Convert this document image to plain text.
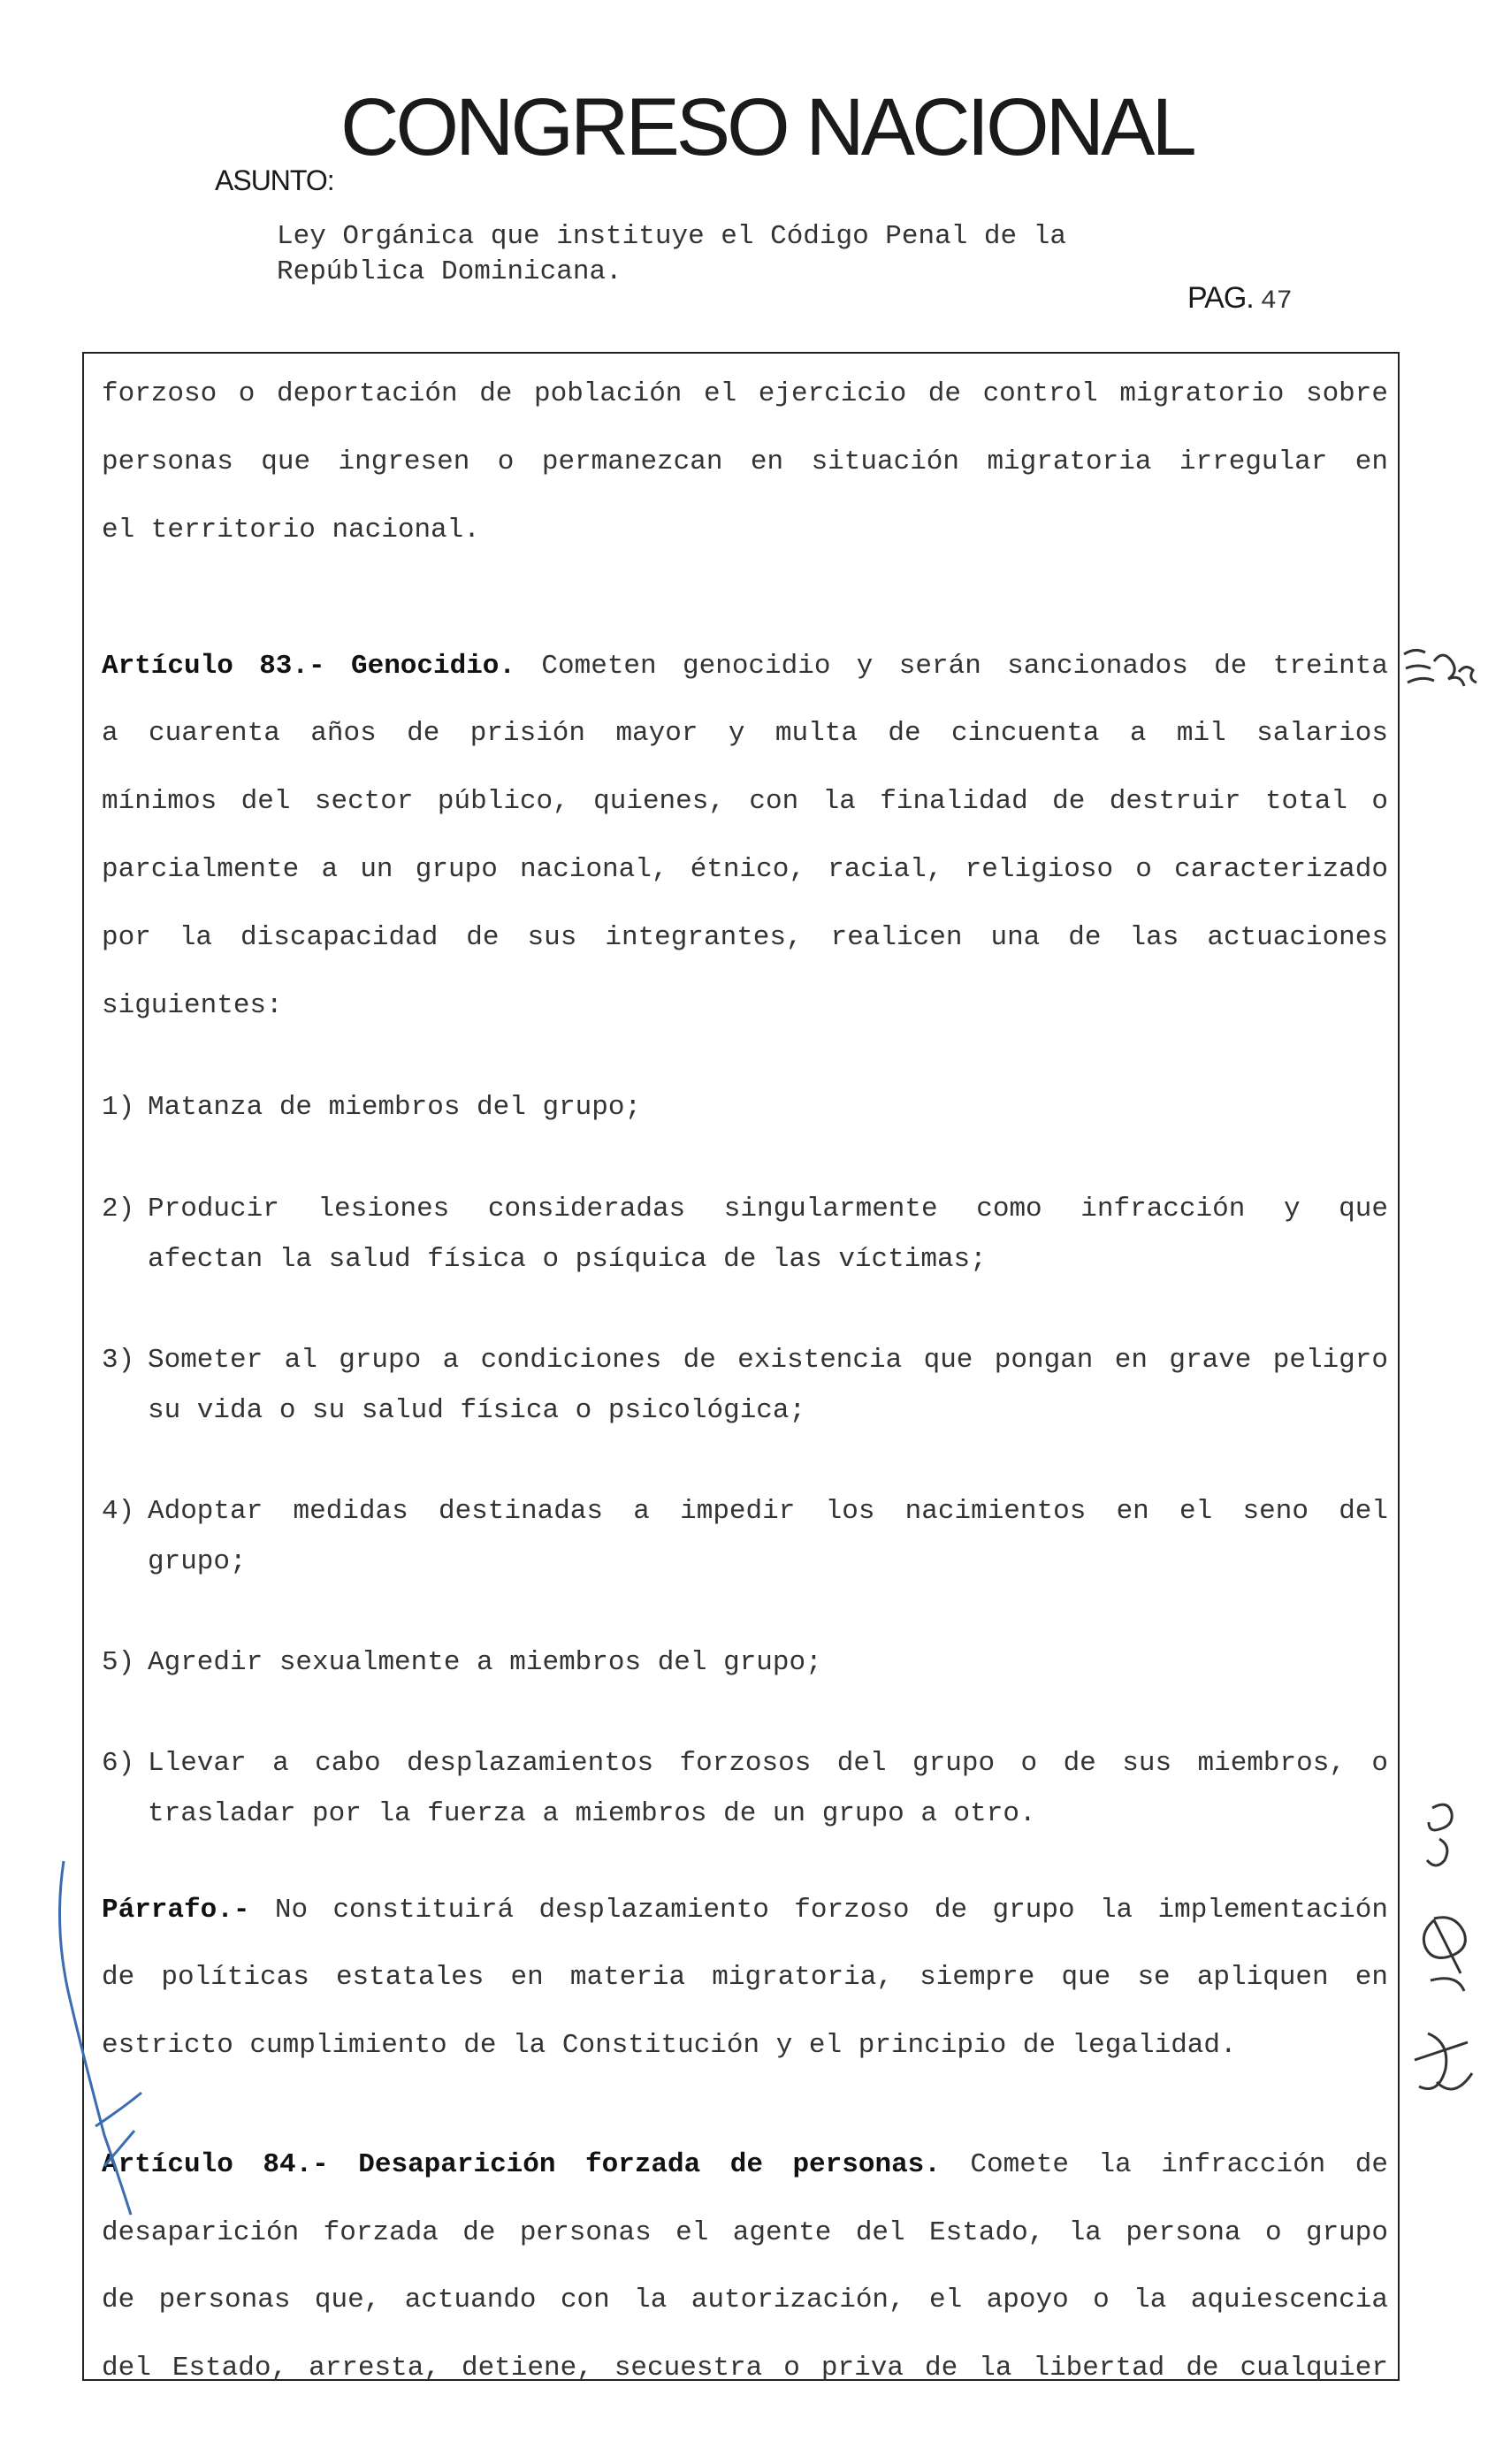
CONGRESO NACIONAL
ASUNTO:
Ley Orgánica que instituye el Código Penal de la
República Dominicana.
PAG. 47
forzoso o deportación de población el ejercicio de control migratorio sobre
personas que ingresen o permanezcan en situación migratoria irregular en
el territorio nacional.
Artículo 83.- Genocidio. Cometen genocidio y serán sancionados de treinta
a cuarenta años de prisión mayor y multa de cincuenta a mil salarios
mínimos del sector público, quienes, con la finalidad de destruir total o
parcialmente a un grupo nacional, étnico, racial, religioso o caracterizado
por la discapacidad de sus integrantes, realicen una de las actuaciones
siguientes:
1) Matanza de miembros del grupo;
2) Producir lesiones consideradas singularmente como infracción y que
afectan la salud física o psíquica de las víctimas;
3) Someter al grupo a condiciones de existencia que pongan en grave peligro
su vida o su salud física o psicológica;
4) Adoptar medidas destinadas a impedir los nacimientos en el seno del
grupo;
5) Agredir sexualmente a miembros del grupo;
6) Llevar a cabo desplazamientos forzosos del grupo o de sus miembros, o
trasladar por la fuerza a miembros de un grupo a otro.
Párrafo.- No constituirá desplazamiento forzoso de grupo la implementación
de políticas estatales en materia migratoria, siempre que se apliquen en
estricto cumplimiento de la Constitución y el principio de legalidad.
Artículo 84.- Desaparición forzada de personas. Comete la infracción de
desaparición forzada de personas el agente del Estado, la persona o grupo
de personas que, actuando con la autorización, el apoyo o la aquiescencia
del Estado, arresta, detiene, secuestra o priva de la libertad de cualquier
